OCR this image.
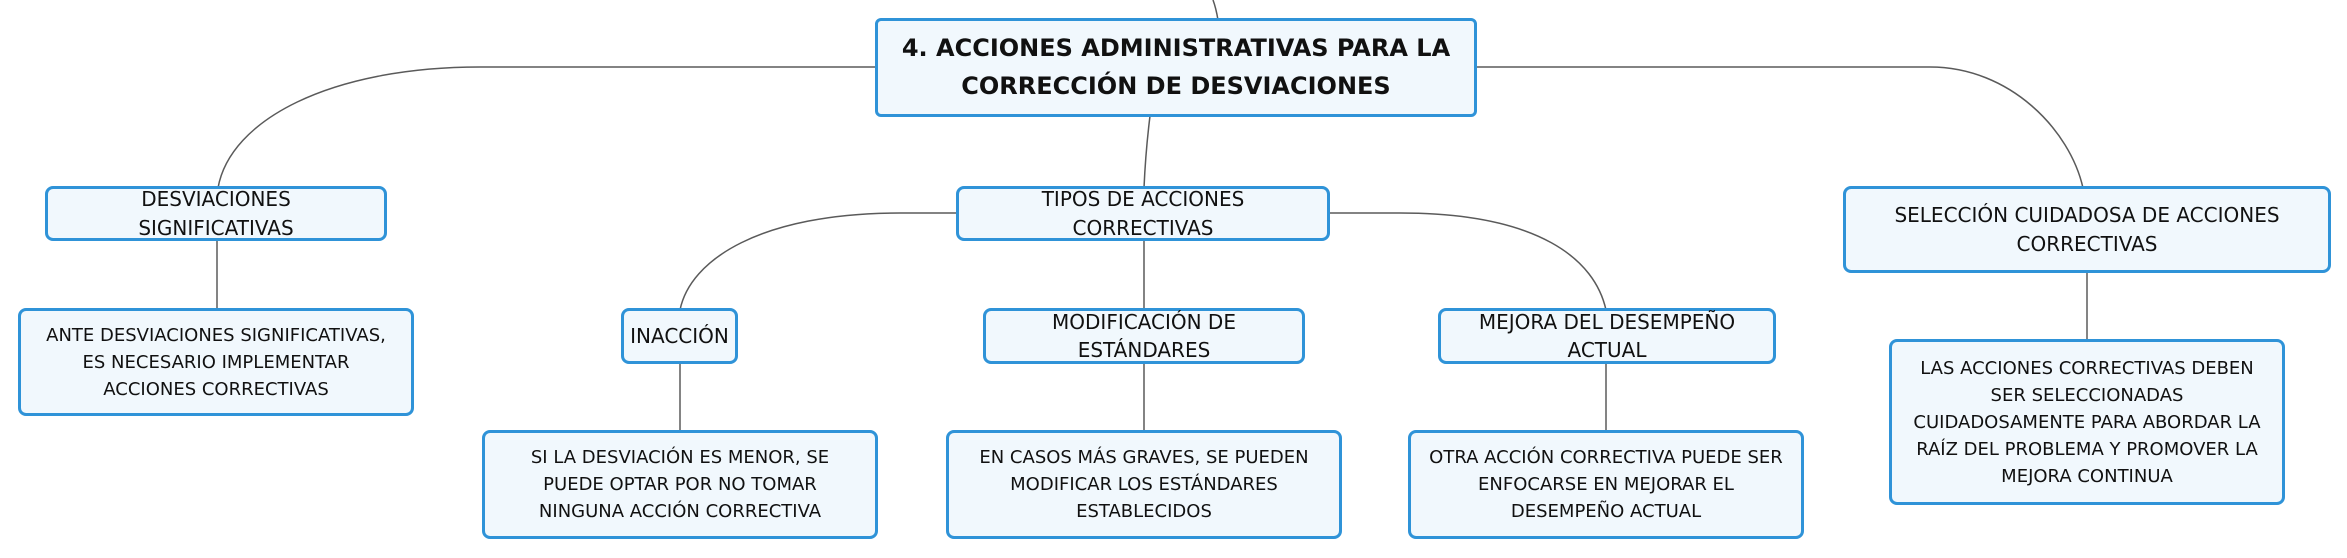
4. ACCIONES ADMINISTRATIVAS PARA LA CORRECCIÓN DE DESVIACIONES
DESVIACIONES SIGNIFICATIVAS
ANTE DESVIACIONES SIGNIFICATIVAS, ES NECESARIO IMPLEMENTAR ACCIONES CORRECTIVAS
TIPOS DE ACCIONES CORRECTIVAS
INACCIÓN
SI LA DESVIACIÓN ES MENOR, SE PUEDE OPTAR POR NO TOMAR NINGUNA ACCIÓN CORRECTIVA
MODIFICACIÓN DE ESTÁNDARES
EN CASOS MÁS GRAVES, SE PUEDEN MODIFICAR LOS ESTÁNDARES ESTABLECIDOS
MEJORA DEL DESEMPEÑO ACTUAL
OTRA ACCIÓN CORRECTIVA PUEDE SER ENFOCARSE EN MEJORAR EL DESEMPEÑO ACTUAL
SELECCIÓN CUIDADOSA DE ACCIONES CORRECTIVAS
LAS ACCIONES CORRECTIVAS DEBEN SER SELECCIONADAS CUIDADOSAMENTE PARA ABORDAR LA RAÍZ DEL PROBLEMA Y PROMOVER LA MEJORA CONTINUA
